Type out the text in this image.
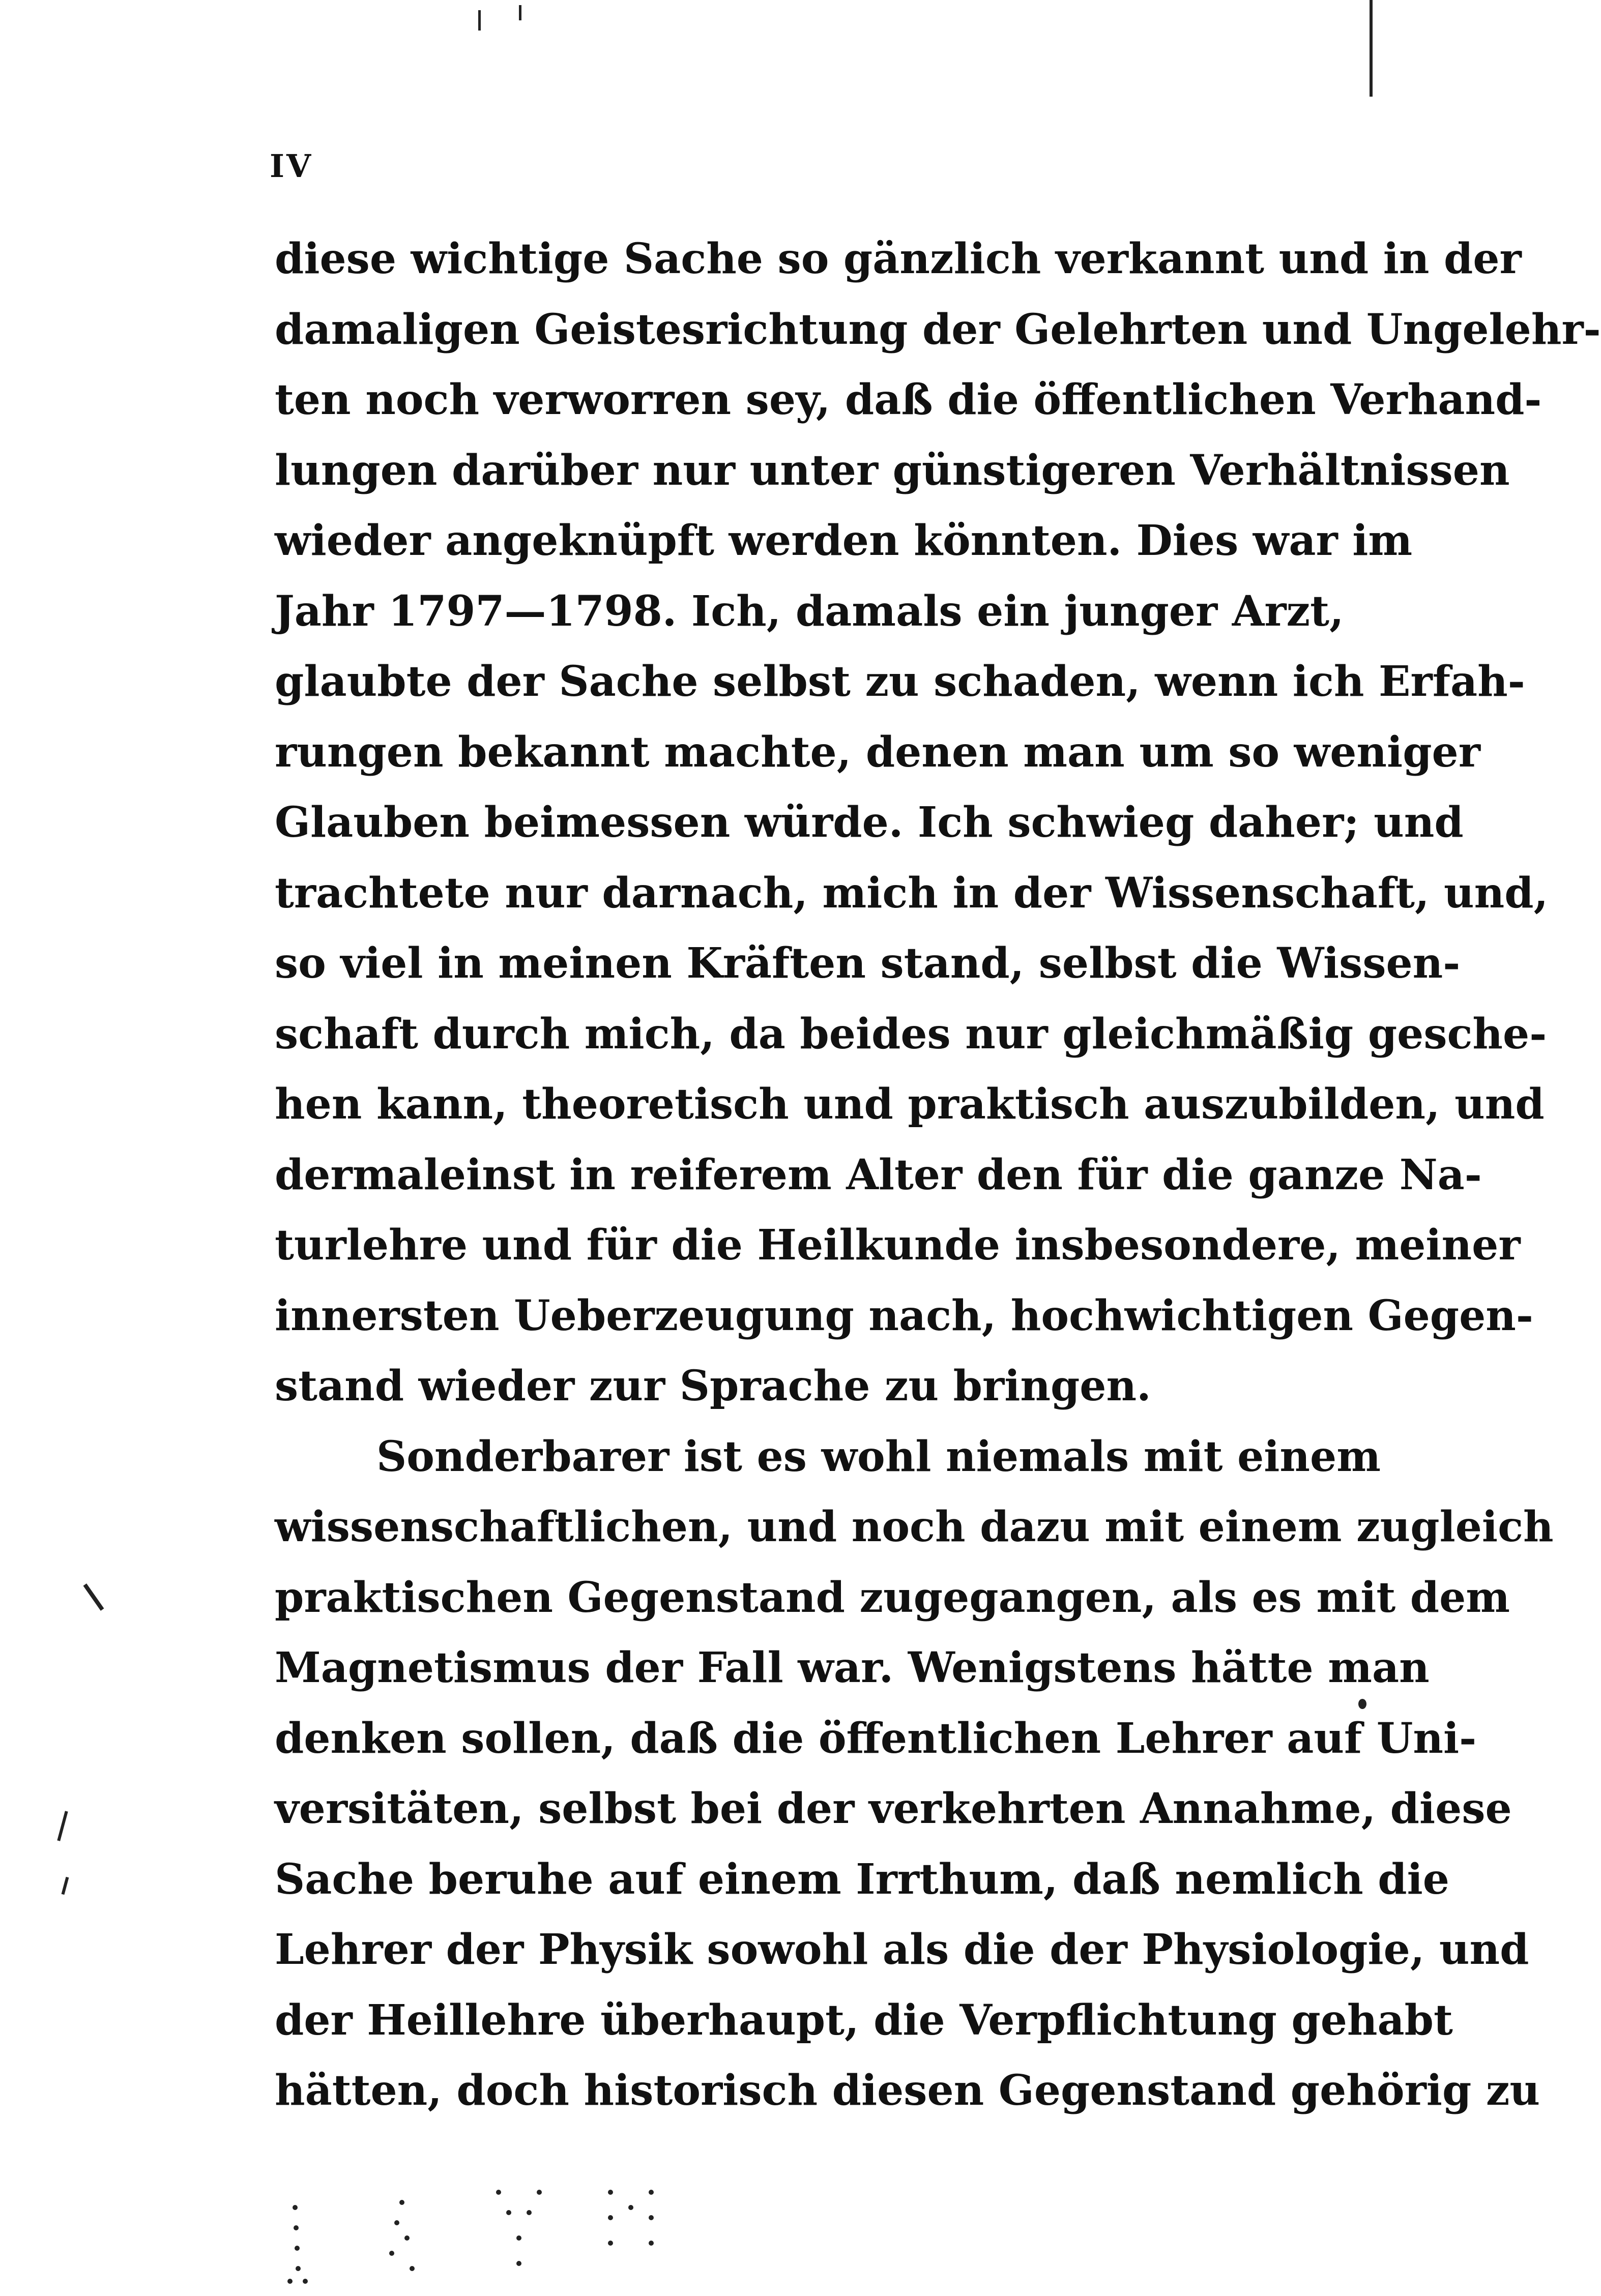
IV
diese wichtige Sache so gänzlich verkannt und in der
damaligen Geistesrichtung der Gelehrten und Ungelehr-
ten noch verworren sey, daß die öffentlichen Verhand-
lungen darüber nur unter günstigeren Verhältnissen
wieder angeknüpft werden könnten. Dies war im
Jahr 1797—1798. Ich, damals ein junger Arzt,
glaubte der Sache selbst zu schaden, wenn ich Erfah-
rungen bekannt machte, denen man um so weniger
Glauben beimessen würde. Ich schwieg daher; und
trachtete nur darnach, mich in der Wissenschaft, und,
so viel in meinen Kräften stand, selbst die Wissen-
schaft durch mich, da beides nur gleichmäßig gesche-
hen kann, theoretisch und praktisch auszubilden, und
dermaleinst in reiferem Alter den für die ganze Na-
turlehre und für die Heilkunde insbesondere, meiner
innersten Ueberzeugung nach, hochwichtigen Gegen-
stand wieder zur Sprache zu bringen.
Sonderbarer ist es wohl niemals mit einem
wissenschaftlichen, und noch dazu mit einem zugleich
praktischen Gegenstand zugegangen, als es mit dem
Magnetismus der Fall war. Wenigstens hätte man
denken sollen, daß die öffentlichen Lehrer auf Uni-
versitäten, selbst bei der verkehrten Annahme, diese
Sache beruhe auf einem Irrthum, daß nemlich die
Lehrer der Physik sowohl als die der Physiologie, und
der Heillehre überhaupt, die Verpflichtung gehabt
hätten, doch historisch diesen Gegenstand gehörig zu
